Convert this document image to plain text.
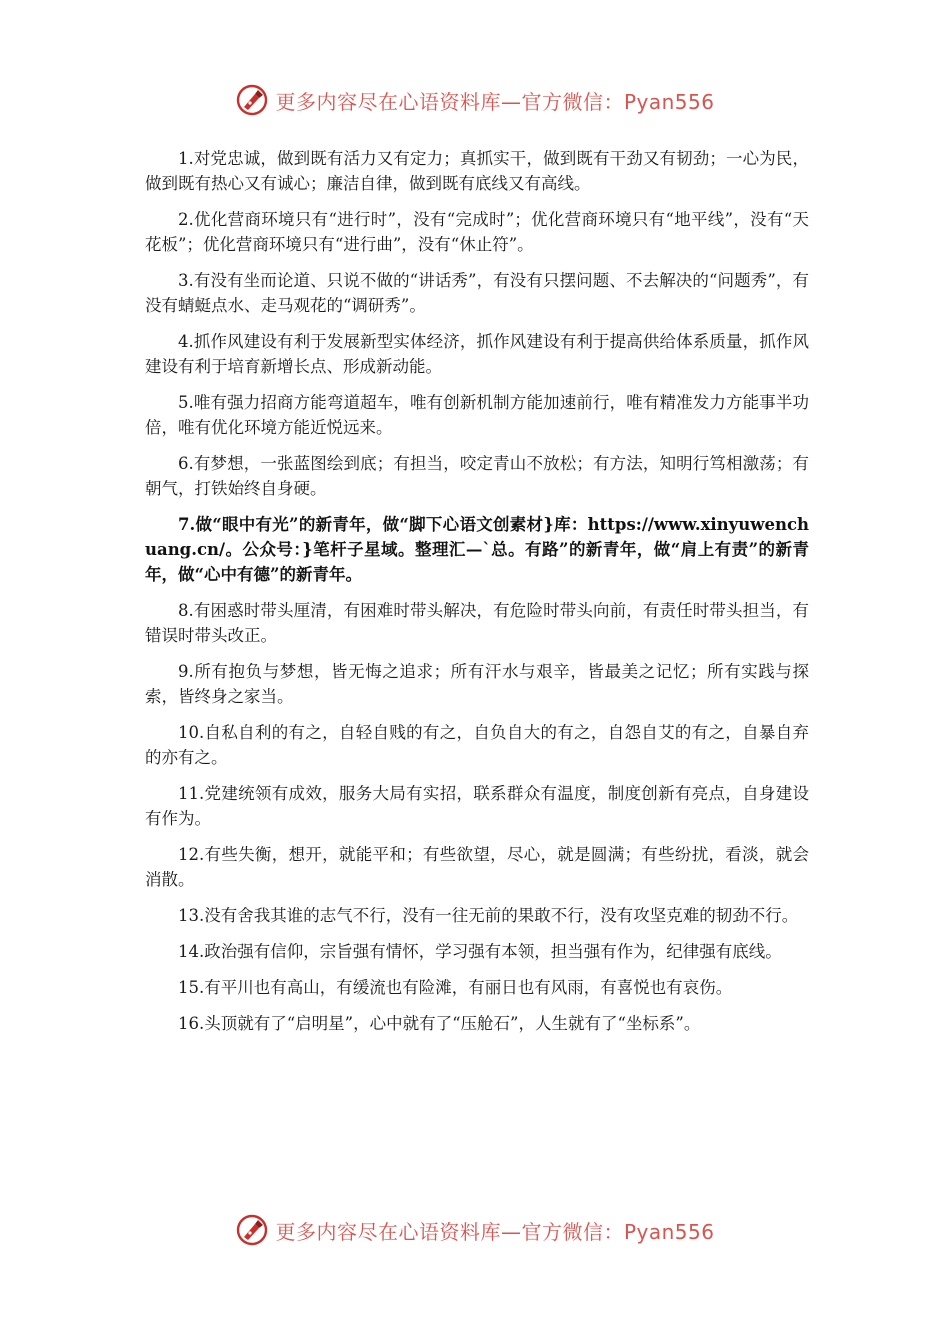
更多内容尽在心语资料库—官方微信：Pyan556

1.对党忠诚，做到既有活力又有定力；真抓实干，做到既有干劲又有韧劲；一心为民，做到既有热心又有诚心；廉洁自律，做到既有底线又有高线。

2.优化营商环境只有“进行时”，没有“完成时”；优化营商环境只有“地平线”，没有“天花板”；优化营商环境只有“进行曲”，没有“休止符”。

3.有没有坐而论道、只说不做的“讲话秀”，有没有只摆问题、不去解决的“问题秀”，有没有蜻蜓点水、走马观花的“调研秀”。

4.抓作风建设有利于发展新型实体经济，抓作风建设有利于提高供给体系质量，抓作风建设有利于培育新增长点、形成新动能。

5.唯有强力招商方能弯道超车，唯有创新机制方能加速前行，唯有精准发力方能事半功倍，唯有优化环境方能近悦远来。

6.有梦想，一张蓝图绘到底；有担当，咬定青山不放松；有方法，知明行笃相激荡；有朝气，打铁始终自身硬。

7.做“眼中有光”的新青年，做“脚下心语文创素材}库：https://www.xinyuwenchuang.cn/。公众号：}笔杆子星域。整理汇—`总。有路”的新青年，做“肩上有责”的新青年，做“心中有德”的新青年。

8.有困惑时带头厘清，有困难时带头解决，有危险时带头向前，有责任时带头担当，有错误时带头改正。

9.所有抱负与梦想，皆无悔之追求；所有汗水与艰辛，皆最美之记忆；所有实践与探索，皆终身之家当。

10.自私自利的有之，自轻自贱的有之，自负自大的有之，自怨自艾的有之，自暴自弃的亦有之。

11.党建统领有成效，服务大局有实招，联系群众有温度，制度创新有亮点，自身建设有作为。

12.有些失衡，想开，就能平和；有些欲望，尽心，就是圆满；有些纷扰，看淡，就会消散。

13.没有舍我其谁的志气不行，没有一往无前的果敢不行，没有攻坚克难的韧劲不行。

14.政治强有信仰，宗旨强有情怀，学习强有本领，担当强有作为，纪律强有底线。

15.有平川也有高山，有缓流也有险滩，有丽日也有风雨，有喜悦也有哀伤。

16.头顶就有了“启明星”，心中就有了“压舱石”，人生就有了“坐标系”。

更多内容尽在心语资料库—官方微信：Pyan556
